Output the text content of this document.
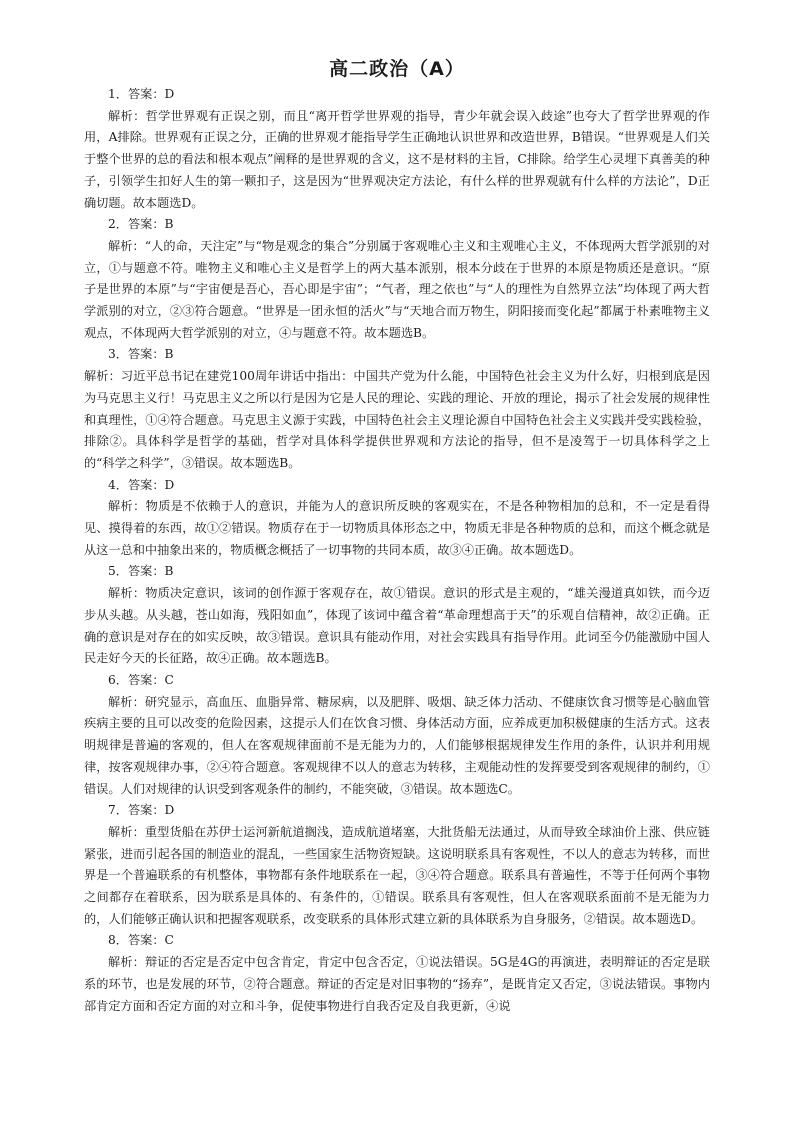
高二政治（A）

1．答案：D

解析：哲学世界观有正误之别，而且“离开哲学世界观的指导，青少年就会误入歧途”也夸大了哲学世界观的作用，A排除。世界观有正误之分，正确的世界观才能指导学生正确地认识世界和改造世界，B错误。“世界观是人们关于整个世界的总的看法和根本观点”阐释的是世界观的含义，这不是材料的主旨，C排除。给学生心灵埋下真善美的种子，引领学生扣好人生的第一颗扣子，这是因为“世界观决定方法论，有什么样的世界观就有什么样的方法论”，D正确切题。故本题选D。

2．答案：B

解析：“人的命，天注定”与“物是观念的集合”分别属于客观唯心主义和主观唯心主义，不体现两大哲学派别的对立，①与题意不符。唯物主义和唯心主义是哲学上的两大基本派别，根本分歧在于世界的本原是物质还是意识。“原子是世界的本原”与“宇宙便是吾心，吾心即是宇宙”；“气者，理之依也”与“人的理性为自然界立法”均体现了两大哲学派别的对立，②③符合题意。“世界是一团永恒的活火”与“天地合而万物生，阴阳接而变化起”都属于朴素唯物主义观点，不体现两大哲学派别的对立，④与题意不符。故本题选B。

3．答案：B

解析：习近平总书记在建党100周年讲话中指出：中国共产党为什么能，中国特色社会主义为什么好，归根到底是因为马克思主义行！马克思主义之所以行是因为它是人民的理论、实践的理论、开放的理论，揭示了社会发展的规律性和真理性，①④符合题意。马克思主义源于实践，中国特色社会主义理论源自中国特色社会主义实践并受实践检验，排除②。具体科学是哲学的基础，哲学对具体科学提供世界观和方法论的指导，但不是凌驾于一切具体科学之上的“科学之科学”，③错误。故本题选B。

4．答案：D

解析：物质是不依赖于人的意识，并能为人的意识所反映的客观实在，不是各种物相加的总和，不一定是看得见、摸得着的东西，故①②错误。物质存在于一切物质具体形态之中，物质无非是各种物质的总和，而这个概念就是从这一总和中抽象出来的，物质概念概括了一切事物的共同本质，故③④正确。故本题选D。

5．答案：B

解析：物质决定意识，该词的创作源于客观存在，故①错误。意识的形式是主观的，“雄关漫道真如铁，而今迈步从头越。从头越，苍山如海，残阳如血”，体现了该词中蕴含着“革命理想高于天”的乐观自信精神，故②正确。正确的意识是对存在的如实反映，故③错误。意识具有能动作用，对社会实践具有指导作用。此词至今仍能激励中国人民走好今天的长征路，故④正确。故本题选B。

6．答案：C

解析：研究显示，高血压、血脂异常、糖尿病，以及肥胖、吸烟、缺乏体力活动、不健康饮食习惯等是心脑血管疾病主要的且可以改变的危险因素，这提示人们在饮食习惯、身体活动方面，应养成更加积极健康的生活方式。这表明规律是普遍的客观的，但人在客观规律面前不是无能为力的，人们能够根据规律发生作用的条件，认识并利用规律，按客观规律办事，②④符合题意。客观规律不以人的意志为转移，主观能动性的发挥要受到客观规律的制约，①错误。人们对规律的认识受到客观条件的制约，不能突破，③错误。故本题选C。

7．答案：D

解析：重型货船在苏伊士运河新航道搁浅，造成航道堵塞，大批货船无法通过，从而导致全球油价上涨、供应链紧张，进而引起各国的制造业的混乱，一些国家生活物资短缺。这说明联系具有客观性，不以人的意志为转移，而世界是一个普遍联系的有机整体，事物都有条件地联系在一起，③④符合题意。联系具有普遍性，不等于任何两个事物之间都存在着联系，因为联系是具体的、有条件的，①错误。联系具有客观性，但人在客观联系面前不是无能为力的，人们能够正确认识和把握客观联系，改变联系的具体形式建立新的具体联系为自身服务，②错误。故本题选D。

8．答案：C

解析：辩证的否定是否定中包含肯定，肯定中包含否定，①说法错误。5G是4G的再演进，表明辩证的否定是联系的环节，也是发展的环节，②符合题意。辩证的否定是对旧事物的“扬弃”，是既肯定又否定，③说法错误。事物内部肯定方面和否定方面的对立和斗争，促使事物进行自我否定及自我更新，④说
